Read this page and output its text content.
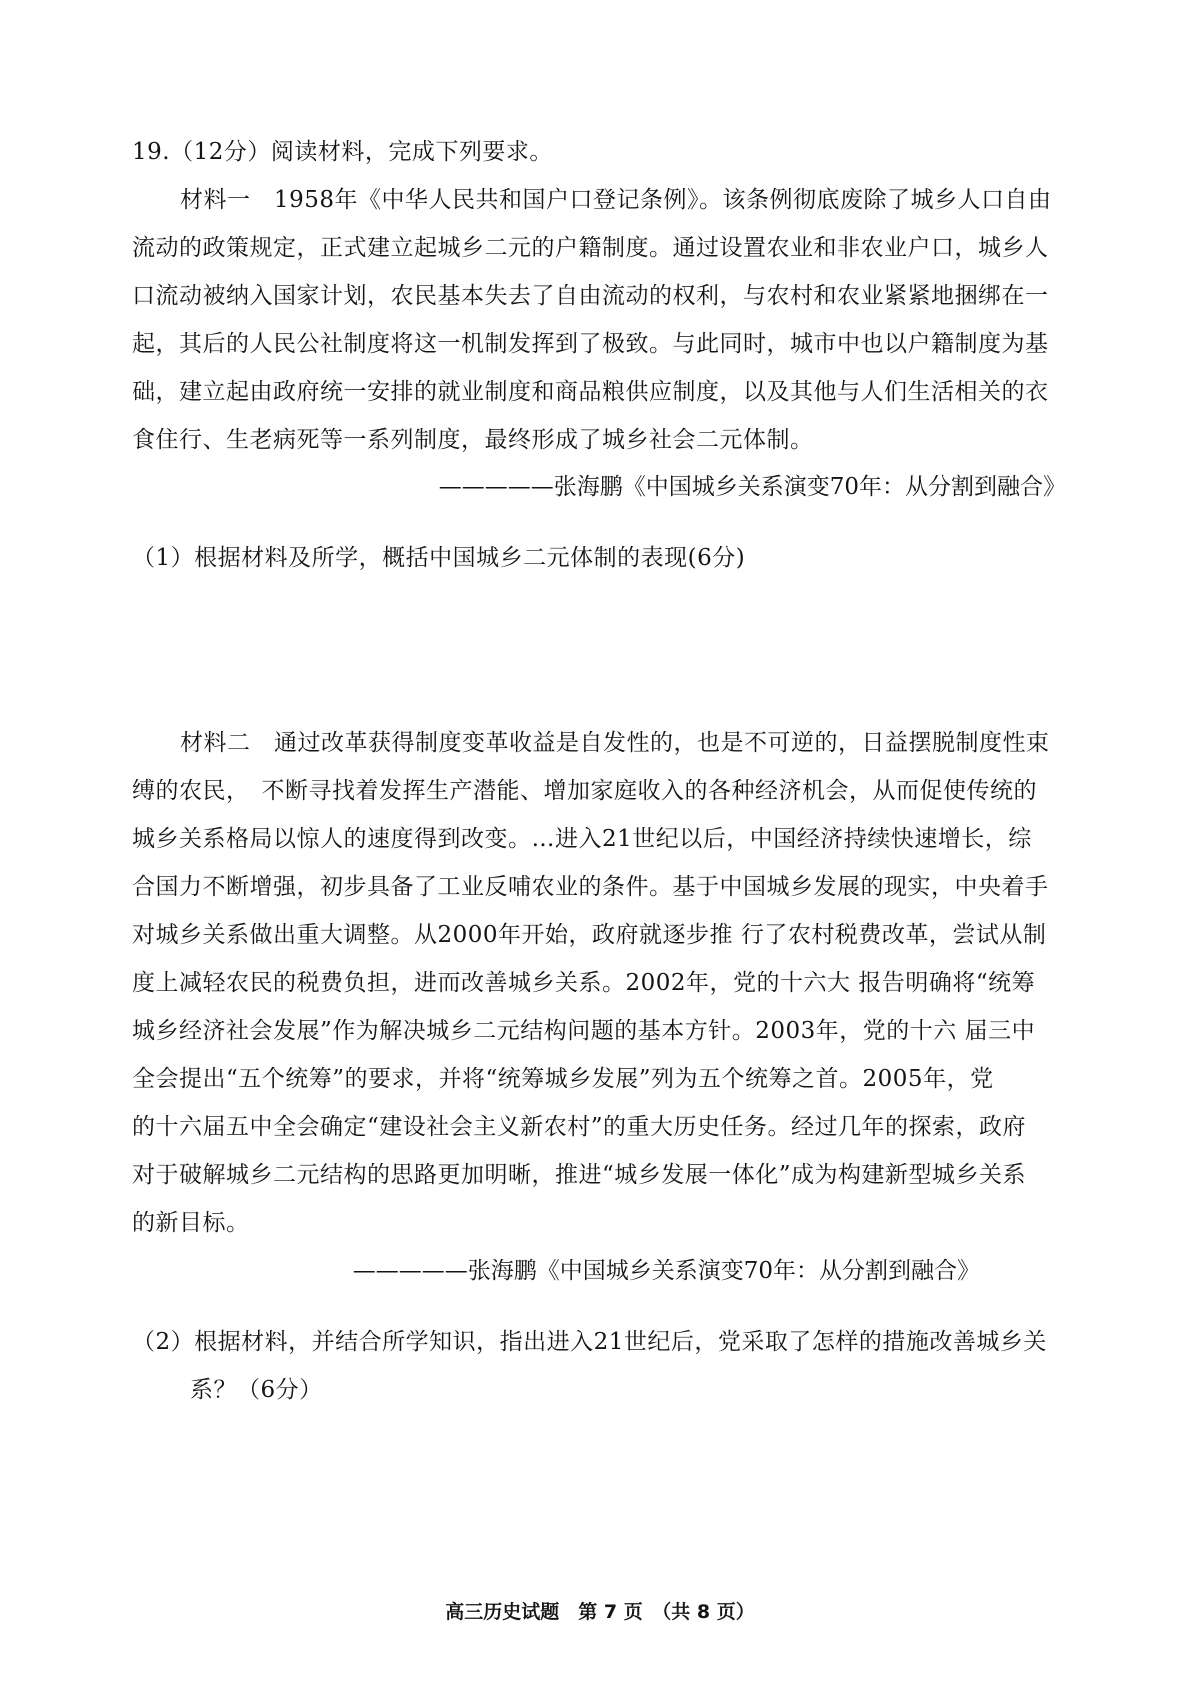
19.（12分）阅读材料，完成下列要求。
材料一　1958年《中华人民共和国户口登记条例》。该条例彻底废除了城乡人口自由
流动的政策规定，正式建立起城乡二元的户籍制度。通过设置农业和非农业户口，城乡人
口流动被纳入国家计划，农民基本失去了自由流动的权利，与农村和农业紧紧地捆绑在一
起，其后的人民公社制度将这一机制发挥到了极致。与此同时，城市中也以户籍制度为基
础，建立起由政府统一安排的就业制度和商品粮供应制度，以及其他与人们生活相关的衣
食住行、生老病死等一系列制度，最终形成了城乡社会二元体制。
—————张海鹏《中国城乡关系演变70年：从分割到融合》
（1）根据材料及所学，概括中国城乡二元体制的表现(6分)
材料二　通过改革获得制度变革收益是自发性的，也是不可逆的，日益摆脱制度性束
缚的农民，　不断寻找着发挥生产潜能、增加家庭收入的各种经济机会，从而促使传统的
城乡关系格局以惊人的速度得到改变。…进入21世纪以后，中国经济持续快速增长，综
合国力不断增强，初步具备了工业反哺农业的条件。基于中国城乡发展的现实，中央着手
对城乡关系做出重大调整。从2000年开始，政府就逐步推 行了农村税费改革，尝试从制
度上减轻农民的税费负担，进而改善城乡关系。2002年，党的十六大 报告明确将“统筹
城乡经济社会发展”作为解决城乡二元结构问题的基本方针。2003年，党的十六 届三中
全会提出“五个统筹”的要求，并将“统筹城乡发展”列为五个统筹之首。2005年，党
的十六届五中全会确定“建设社会主义新农村”的重大历史任务。经过几年的探索，政府
对于破解城乡二元结构的思路更加明晰，推进“城乡发展一体化”成为构建新型城乡关系
的新目标。
—————张海鹏《中国城乡关系演变70年：从分割到融合》
（2）根据材料，并结合所学知识，指出进入21世纪后，党采取了怎样的措施改善城乡关
系？（6分）
高三历史试题　第 7 页　（共 8 页）
